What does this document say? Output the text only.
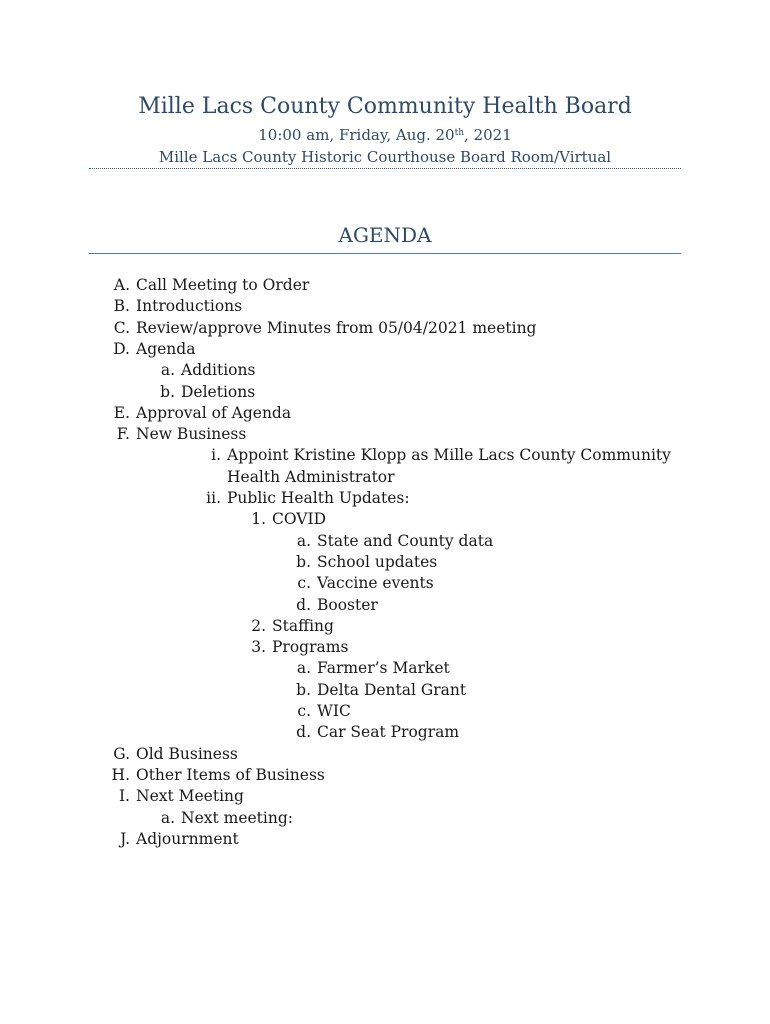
Mille Lacs County Community Health Board
10:00 am, Friday, Aug. 20th, 2021
Mille Lacs County Historic Courthouse Board Room/Virtual
AGENDA
A. Call Meeting to Order
B. Introductions
C. Review/approve Minutes from 05/04/2021 meeting
D. Agenda
a. Additions
b. Deletions
E. Approval of Agenda
F. New Business
i. Appoint Kristine Klopp as Mille Lacs County Community
Health Administrator
ii. Public Health Updates:
1. COVID
a. State and County data
b. School updates
c. Vaccine events
d. Booster
2. Staffing
3. Programs
a. Farmer’s Market
b. Delta Dental Grant
c. WIC
d. Car Seat Program
G. Old Business
H. Other Items of Business
I. Next Meeting
a. Next meeting:
J. Adjournment
